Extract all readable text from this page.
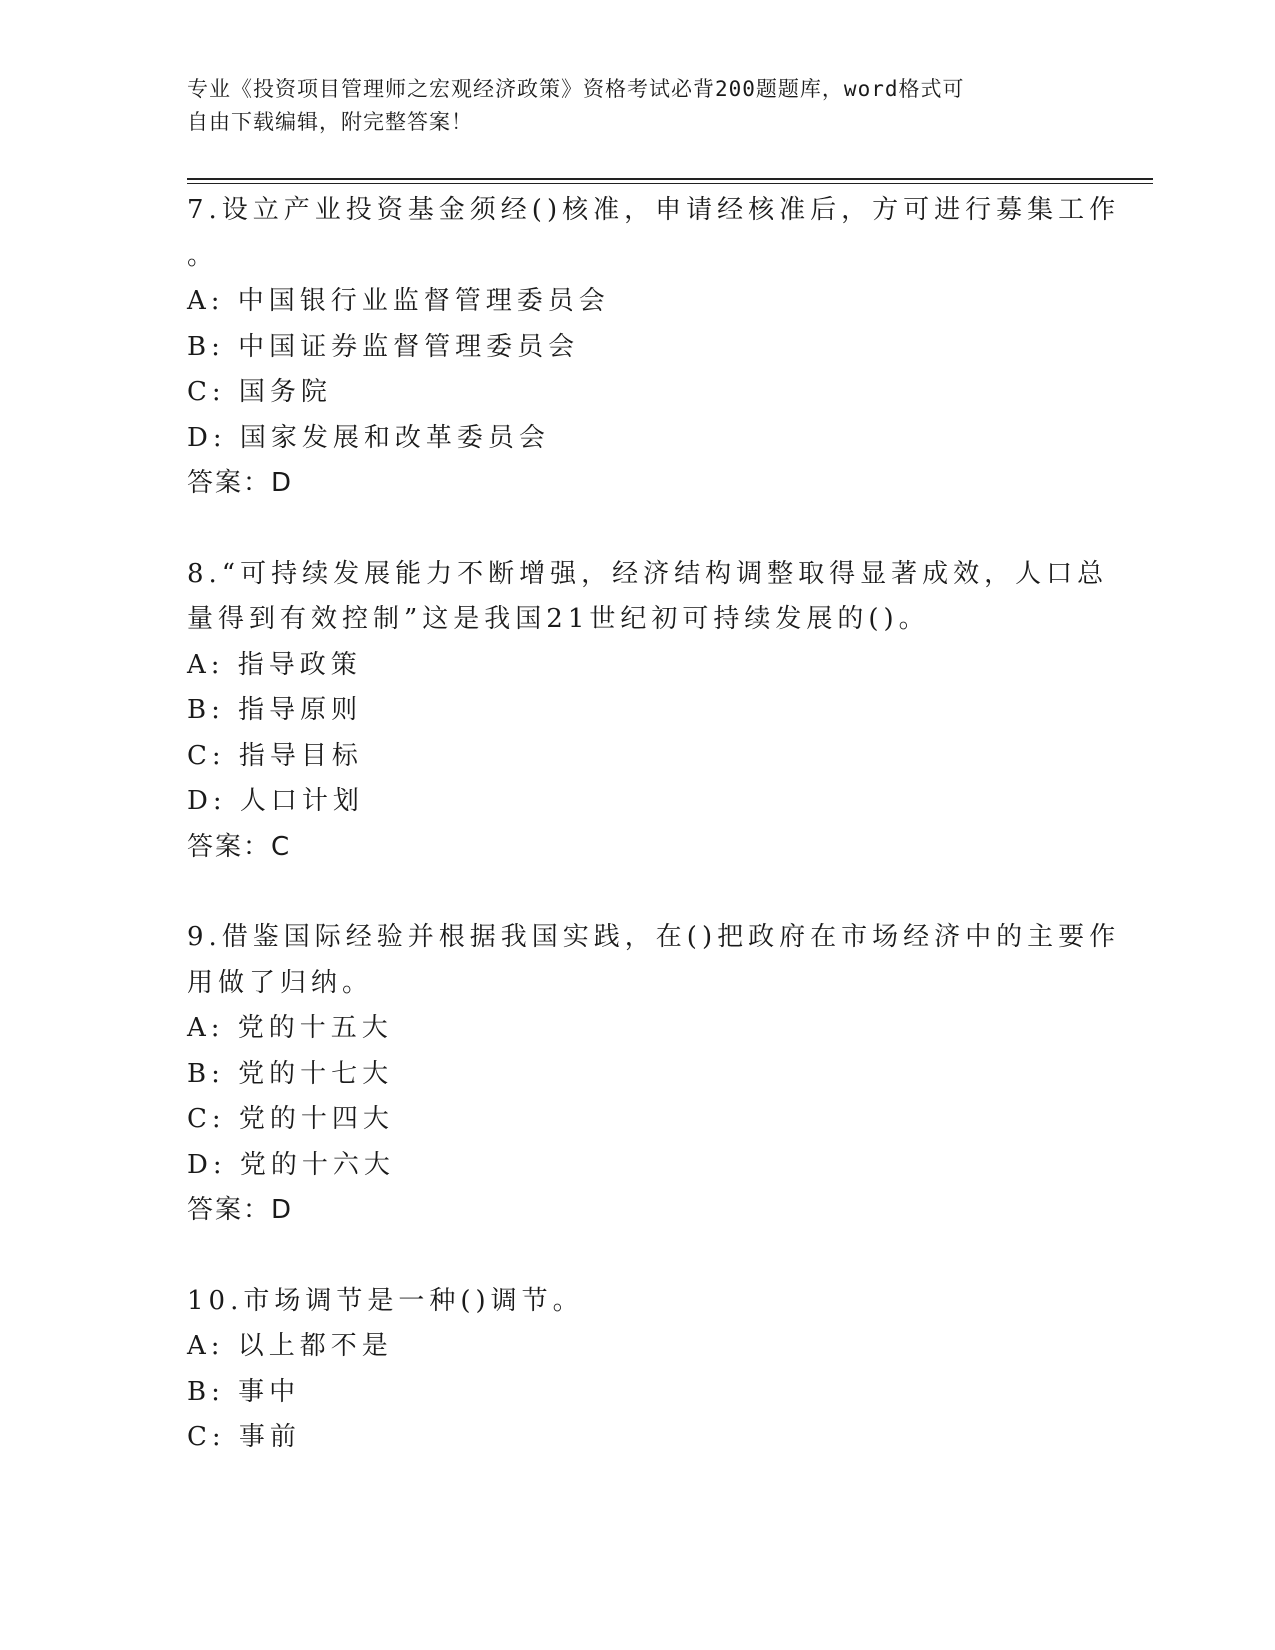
专业《投资项目管理师之宏观经济政策》资格考试必背200题题库，word格式可
自由下载编辑，附完整答案！

7.设立产业投资基金须经()核准，申请经核准后，方可进行募集工作

。

A: 中国银行业监督管理委员会

B: 中国证券监督管理委员会

C: 国务院

D: 国家发展和改革委员会

答案：D

8.“可持续发展能力不断增强，经济结构调整取得显著成效，人口总

量得到有效控制”这是我国21世纪初可持续发展的()。

A: 指导政策

B: 指导原则

C: 指导目标

D: 人口计划

答案：C

9.借鉴国际经验并根据我国实践，在()把政府在市场经济中的主要作

用做了归纳。

A: 党的十五大

B: 党的十七大

C: 党的十四大

D: 党的十六大

答案：D

10.市场调节是一种()调节。

A: 以上都不是

B: 事中

C: 事前
